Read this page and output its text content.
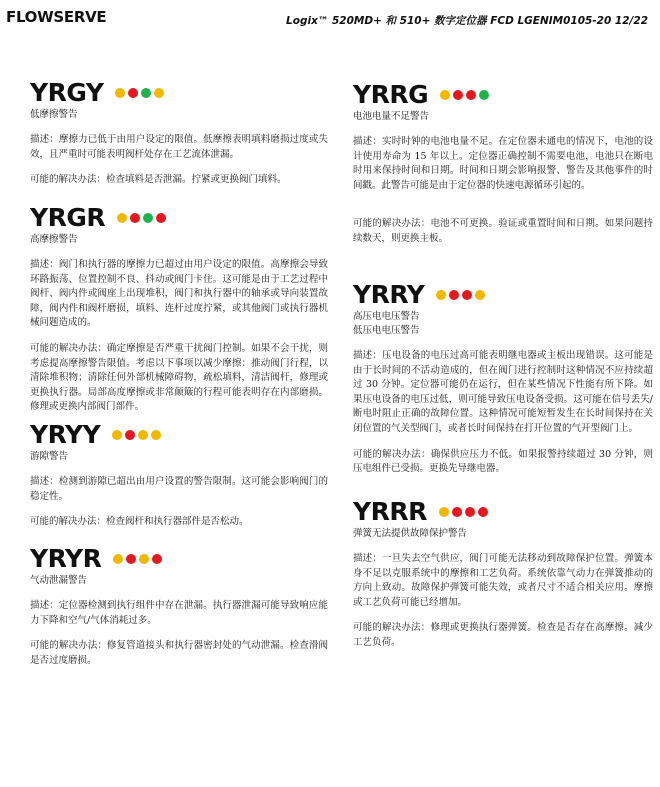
FLOWSERVE	Logix™ 520MD+ 和 510+ 数字定位器 FCD LGENIM0105-20 12/22
YRGY
低摩擦警告

描述：摩擦力已低于由用户设定的限值。低摩擦表明填料磨损过度或失效，且严重时可能表明阀杆处存在工艺流体泄漏。

可能的解决办法：检查填料是否泄漏。拧紧或更换阀门填料。

YRGR
高摩擦警告

描述：阀门和执行器的摩擦力已超过由用户设定的限值。高摩擦会导致环路振荡、位置控制不良、抖动或阀门卡住。这可能是由于工艺过程中阀杆、阀内件或阀座上出现堆积，阀门和执行器中的轴承或导向装置故障，阀内件和阀杆磨损，填料、连杆过度拧紧，或其他阀门或执行器机械问题造成的。

可能的解决办法：确定摩擦是否严重干扰阀门控制。如果不会干扰，则考虑提高摩擦警告限值。考虑以下事项以减少摩擦：推动阀门行程，以清除堆积物；清除任何外部机械障碍物，疏松填料，清洁阀杆，修理或更换执行器。局部高度摩擦或非常颠簸的行程可能表明存在内部磨损。修理或更换内部阀门部件。

YRYY
游隙警告

描述：检测到游隙已超出由用户设置的警告限制。这可能会影响阀门的稳定性。

可能的解决办法：检查阀杆和执行器部件是否松动。

YRYR
气动泄漏警告

描述：定位器检测到执行组件中存在泄漏。执行器泄漏可能导致响应能力下降和空气/气体消耗过多。

可能的解决办法：修复管道接头和执行器密封处的气动泄漏。检查滑阀是否过度磨损。

YRRG
电池电量不足警告

描述：实时时钟的电池电量不足。在定位器未通电的情况下，电池的设计使用寿命为 15 年以上。定位器正确控制不需要电池，电池只在断电时用来保持时间和日期。时间和日期会影响报警、警告及其他事件的时间戳。此警告可能是由于定位器的快速电源循环引起的。

可能的解决办法：电池不可更换。验证或重置时间和日期。如果问题持续数天，则更换主板。

YRRY
高压电电压警告
低压电电压警告

描述：压电设备的电压过高可能表明继电器或主板出现错误。这可能是由于长时间的不活动造成的，但在阀门进行控制时这种情况不应持续超过 30 分钟。定位器可能仍在运行，但在某些情况下性能有所下降。如果压电设备的电压过低，则可能导致压电设备受损。这可能在信号丢失/断电时阻止正确的故障位置。这种情况可能短暂发生在长时间保持在关闭位置的气关型阀门，或者长时间保持在打开位置的气开型阀门上。

可能的解决办法：确保供应压力不低。如果报警持续超过 30 分钟，则压电组件已受损。更换先导继电器。

YRRR
弹簧无法提供故障保护警告

描述：一旦失去空气供应，阀门可能无法移动到故障保护位置。弹簧本身不足以克服系统中的摩擦和工艺负荷。系统依靠气动力在弹簧推动的方向上致动。故障保护弹簧可能失效，或者尺寸不适合相关应用。摩擦或工艺负荷可能已经增加。

可能的解决办法：修理或更换执行器弹簧。检查是否存在高摩擦。减少工艺负荷。
